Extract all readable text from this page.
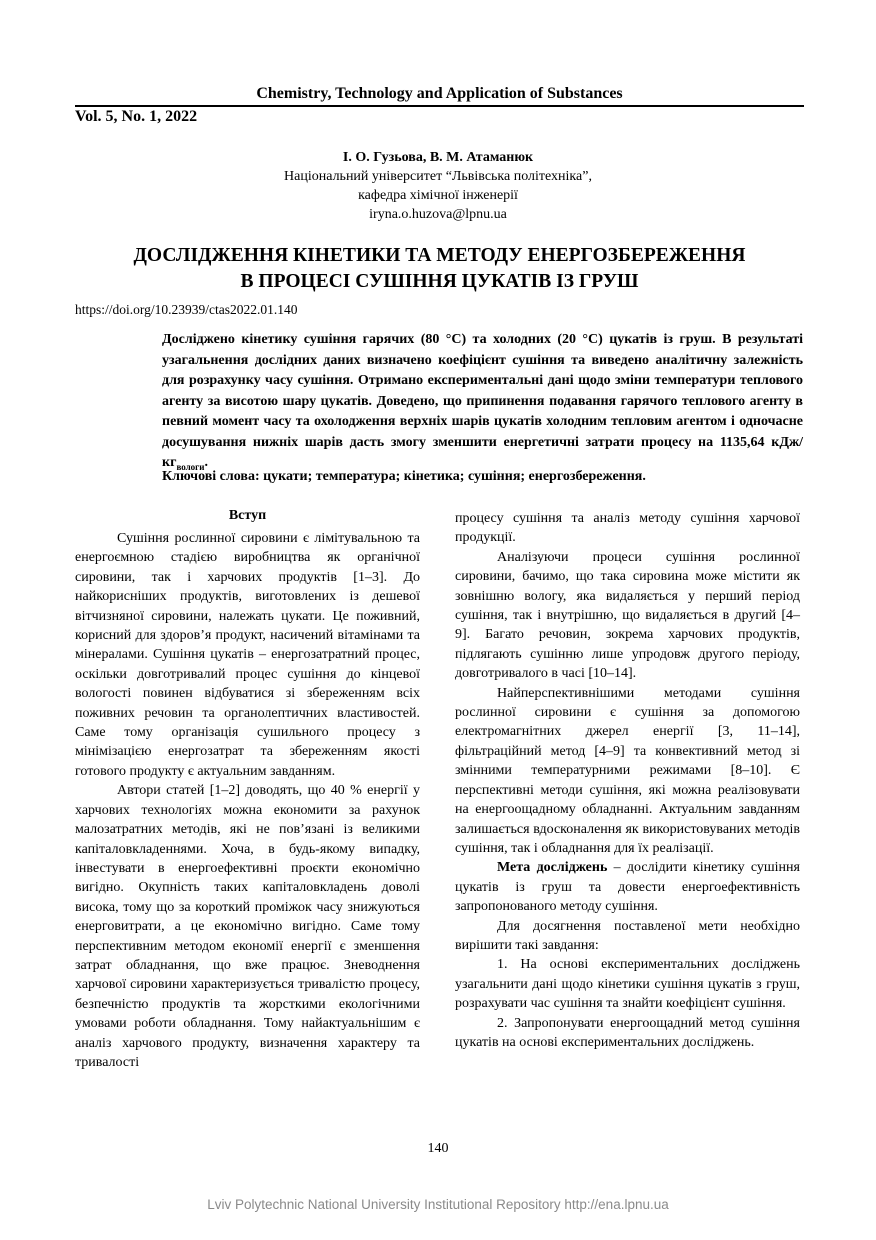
Chemistry, Technology and Application of Substances
Vol. 5, No. 1, 2022
І. О. Гузьова, В. М. Атаманюк
Національний університет “Львівська політехніка”,
кафедра хімічної інженерії
iryna.o.huzova@lpnu.ua
ДОСЛІДЖЕННЯ КІНЕТИКИ ТА МЕТОДУ ЕНЕРГОЗБЕРЕЖЕННЯ
В ПРОЦЕСІ СУШІННЯ ЦУКАТІВ ІЗ ГРУШ
https://doi.org/10.23939/ctas2022.01.140

Досліджено кінетику сушіння гарячих (80 °С) та холодних (20 °С) цукатів із груш. В результаті узагальнення дослідних даних визначено коефіцієнт сушіння та виведено аналітичну залежність для розрахунку часу сушіння. Отримано експериментальні дані щодо зміни температури теплового агенту за висотою шару цукатів. Доведено, що припинення подавання гарячого теплового агенту в певний момент часу та охолодження верхніх шарів цукатів холодним тепловим агентом і одночасне досушування нижніх шарів дасть змогу зменшити енергетичні затрати процесу на 1135,64 кДж/$кг_{вологи}$.

Ключові слова: цукати; температура; кінетика; сушіння; енергозбереження.
Вступ

Сушіння рослинної сировини є лімітувальною та енергоємною стадією виробництва як органічної сировини, так і харчових продуктів [1–3]. До найкорисніших продуктів, виготовлених із дешевої вітчизняної сировини, належать цукати. Це поживний, корисний для здоров’я продукт, насичений вітамінами та мінералами. Сушіння цукатів – енергозатратний процес, оскільки довготривалий процес сушіння до кінцевої вологості повинен відбуватися зі збереженням всіх поживних речовин та органолептичних властивостей. Саме тому організація сушильного процесу з мінімізацією енергозатрат та збереженням якості готового продукту є актуальним завданням.

Автори статей [1–2] доводять, що 40 % енергії у харчових технологіях можна економити за рахунок малозатратних методів, які не пов’язані із великими капіталовкладеннями. Хоча, в будь-якому випадку, інвестувати в енергоефективні проєкти економічно вигідно. Окупність таких капіталовкладень доволі висока, тому що за короткий проміжок часу знижуються енерговитрати, а це економічно вигідно. Саме тому перспективним методом економії енергії є зменшення затрат обладнання, що вже працює. Зневоднення харчової сировини характеризується тривалістю процесу, безпечністю продуктів та жорсткими екологічними умовами роботи обладнання. Тому найактуальнішим є аналіз харчового продукту, визначення характеру та тривалості

процесу сушіння та аналіз методу сушіння харчової продукції.

Аналізуючи процеси сушіння рослинної сировини, бачимо, що така сировина може містити як зовнішню вологу, яка видаляється у перший період сушіння, так і внутрішню, що видаляється в другий [4–9]. Багато речовин, зокрема харчових продуктів, підлягають сушінню лише упродовж другого періоду, довготривалого в часі [10–14].

Найперспективнішими методами сушіння рослинної сировини є сушіння за допомогою електромагнітних джерел енергії [3, 11–14], фільтраційний метод [4–9] та конвективний метод зі змінними температурними режимами [8–10]. Є перспективні методи сушіння, які можна реалізовувати на енергоощадному обладнанні. Актуальним завданням залишається вдосконалення як використовуваних методів сушіння, так і обладнання для їх реалізації.

Мета досліджень – дослідити кінетику сушіння цукатів із груш та довести енергоефективність запропонованого методу сушіння.

Для досягнення поставленої мети необхідно вирішити такі завдання:

1. На основі експериментальних досліджень узагальнити дані щодо кінетики сушіння цукатів з груш, розрахувати час сушіння та знайти коефіцієнт сушіння.

2. Запропонувати енергоощадний метод сушіння цукатів на основі експериментальних досліджень.

140
Lviv Polytechnic National University Institutional Repository http://ena.lpnu.ua
